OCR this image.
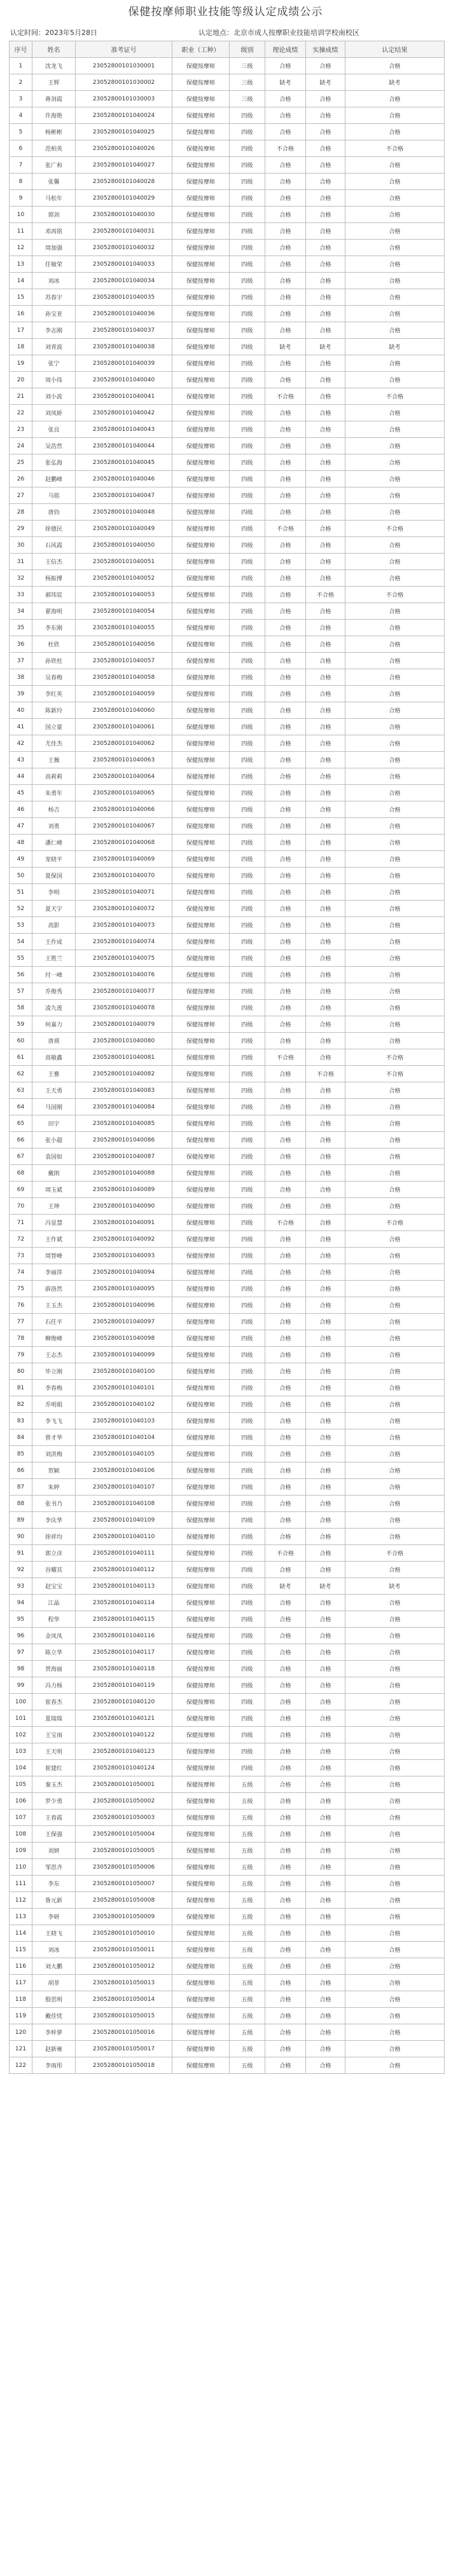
保健按摩师职业技能等级认定成绩公示
认定时间：2023年5月28日	认定地点：北京市成人按摩职业技能培训学校南校区
序号	姓名	准考证号	职业（工种）	级别	理论成绩	实操成绩	认定结果
1	沈龙飞	23052800101030001	保健按摩师	三级	合格	合格	合格
2	王辉	23052800101030002	保健按摩师	三级	缺考	缺考	缺考
3	蒋剑霞	23052800101030003	保健按摩师	三级	合格	合格	合格
4	许海艳	23052800101040024	保健按摩师	四级	合格	合格	合格
5	杨彬彬	23052800101040025	保健按摩师	四级	合格	合格	合格
6	范柏英	23052800101040026	保健按摩师	四级	不合格	合格	不合格
7	张广和	23052800101040027	保健按摩师	四级	合格	合格	合格
8	张馨	23052800101040028	保健按摩师	四级	合格	合格	合格
9	马松年	23052800101040029	保健按摩师	四级	合格	合格	合格
10	郭剑	23052800101040030	保健按摩师	四级	合格	合格	合格
11	邓再铭	23052800101040031	保健按摩师	四级	合格	合格	合格
12	周加强	23052800101040032	保健按摩师	四级	合格	合格	合格
13	任敏荣	23052800101040033	保健按摩师	四级	合格	合格	合格
14	刘冰	23052800101040034	保健按摩师	四级	合格	合格	合格
15	苏春宇	23052800101040035	保健按摩师	四级	合格	合格	合格
16	孙宝亚	23052800101040036	保健按摩师	四级	合格	合格	合格
17	李志刚	23052800101040037	保健按摩师	四级	合格	合格	合格
18	刘青波	23052800101040038	保健按摩师	四级	缺考	缺考	缺考
19	张宁	23052800101040039	保健按摩师	四级	合格	合格	合格
20	周小伟	23052800101040040	保健按摩师	四级	合格	合格	合格
21	刘小波	23052800101040041	保健按摩师	四级	不合格	合格	不合格
22	刘凤娇	23052800101040042	保健按摩师	四级	合格	合格	合格
23	张良	23052800101040043	保健按摩师	四级	合格	合格	合格
24	吴浩然	23052800101040044	保健按摩师	四级	合格	合格	合格
25	张弘海	23052800101040045	保健按摩师	四级	合格	合格	合格
26	赵鹏峰	23052800101040046	保健按摩师	四级	合格	合格	合格
27	马铭	23052800101040047	保健按摩师	四级	合格	合格	合格
28	唐钧	23052800101040048	保健按摩师	四级	合格	合格	合格
29	徐德民	23052800101040049	保健按摩师	四级	不合格	合格	不合格
30	石风霞	23052800101040050	保健按摩师	四级	合格	合格	合格
31	王信杰	23052800101040051	保健按摩师	四级	合格	合格	合格
32	杨振博	23052800101040052	保健按摩师	四级	合格	合格	合格
33	郝玮宸	23052800101040053	保健按摩师	四级	合格	不合格	不合格
34	翟海明	23052800101040054	保健按摩师	四级	合格	合格	合格
35	李东刚	23052800101040055	保健按摩师	四级	合格	合格	合格
36	杜欣	23052800101040056	保健按摩师	四级	合格	合格	合格
37	孙铁柱	23052800101040057	保健按摩师	四级	合格	合格	合格
38	吴春梅	23052800101040058	保健按摩师	四级	合格	合格	合格
39	李红英	23052800101040059	保健按摩师	四级	合格	合格	合格
40	陈新玲	23052800101040060	保健按摩师	四级	合格	合格	合格
41	国立蒙	23052800101040061	保健按摩师	四级	合格	合格	合格
42	尤佳杰	23052800101040062	保健按摩师	四级	合格	合格	合格
43	王薇	23052800101040063	保健按摩师	四级	合格	合格	合格
44	高莉莉	23052800101040064	保健按摩师	四级	合格	合格	合格
45	朱勇年	23052800101040065	保健按摩师	四级	合格	合格	合格
46	杨吉	23052800101040066	保健按摩师	四级	合格	合格	合格
47	刘勇	23052800101040067	保健按摩师	四级	合格	合格	合格
48	潘仁峰	23052800101040068	保健按摩师	四级	合格	合格	合格
49	宠晓平	23052800101040069	保健按摩师	四级	合格	合格	合格
50	夏保国	23052800101040070	保健按摩师	四级	合格	合格	合格
51	李明	23052800101040071	保健按摩师	四级	合格	合格	合格
52	夏天宇	23052800101040072	保健按摩师	四级	合格	合格	合格
53	高影	23052800101040073	保健按摩师	四级	合格	合格	合格
54	王作成	23052800101040074	保健按摩师	四级	合格	合格	合格
55	王胜兰	23052800101040075	保健按摩师	四级	合格	合格	合格
56	付一峰	23052800101040076	保健按摩师	四级	合格	合格	合格
57	乔俊秀	23052800101040077	保健按摩师	四级	合格	合格	合格
58	凌九莲	23052800101040078	保健按摩师	四级	合格	合格	合格
59	何嘉力	23052800101040079	保健按摩师	四级	合格	合格	合格
60	唐祺	23052800101040080	保健按摩师	四级	合格	合格	合格
61	高敏鑫	23052800101040081	保健按摩师	四级	不合格	合格	不合格
62	王雅	23052800101040082	保健按摩师	四级	合格	不合格	不合格
63	王天勇	23052800101040083	保健按摩师	四级	合格	合格	合格
64	马国刚	23052800101040084	保健按摩师	四级	合格	合格	合格
65	田宇	23052800101040085	保健按摩师	四级	合格	合格	合格
66	张小超	23052800101040086	保健按摩师	四级	合格	合格	合格
67	袁国如	23052800101040087	保健按摩师	四级	合格	合格	合格
68	戴朗	23052800101040088	保健按摩师	四级	合格	合格	合格
69	周玉斌	23052800101040089	保健按摩师	四级	合格	合格	合格
70	王坤	23052800101040090	保健按摩师	四级	合格	合格	合格
71	冯显慧	23052800101040091	保健按摩师	四级	不合格	合格	不合格
72	王作斌	23052800101040092	保健按摩师	四级	合格	合格	合格
73	周智峰	23052800101040093	保健按摩师	四级	合格	合格	合格
74	李丽萍	23052800101040094	保健按摩师	四级	合格	合格	合格
75	薛洛然	23052800101040095	保健按摩师	四级	合格	合格	合格
76	王玉杰	23052800101040096	保健按摩师	四级	合格	合格	合格
77	石任平	23052800101040097	保健按摩师	四级	合格	合格	合格
78	柳俊峰	23052800101040098	保健按摩师	四级	合格	合格	合格
79	王志杰	23052800101040099	保健按摩师	四级	合格	合格	合格
80	毕立刚	23052800101040100	保健按摩师	四级	合格	合格	合格
81	李春梅	23052800101040101	保健按摩师	四级	合格	合格	合格
82	乔明娟	23052800101040102	保健按摩师	四级	合格	合格	合格
83	李飞飞	23052800101040103	保健按摩师	四级	合格	合格	合格
84	曾才华	23052800101040104	保健按摩师	四级	合格	合格	合格
85	刘洪梅	23052800101040105	保健按摩师	四级	合格	合格	合格
86	贺颖	23052800101040106	保健按摩师	四级	合格	合格	合格
87	朱婷	23052800101040107	保健按摩师	四级	合格	合格	合格
88	张书乃	23052800101040108	保健按摩师	四级	合格	合格	合格
89	李庆华	23052800101040109	保健按摩师	四级	合格	合格	合格
90	徐祥均	23052800101040110	保健按摩师	四级	合格	合格	合格
91	郭立彦	23052800101040111	保健按摩师	四级	不合格	合格	不合格
92	谷耀其	23052800101040112	保健按摩师	四级	合格	合格	合格
93	赵宝宝	23052800101040113	保健按摩师	四级	缺考	缺考	缺考
94	江晶	23052800101040114	保健按摩师	四级	合格	合格	合格
95	程华	23052800101040115	保健按摩师	四级	合格	合格	合格
96	金凤凤	23052800101040116	保健按摩师	四级	合格	合格	合格
97	陈立华	23052800101040117	保健按摩师	四级	合格	合格	合格
98	贾海丽	23052800101040118	保健按摩师	四级	合格	合格	合格
99	冯力杨	23052800101040119	保健按摩师	四级	合格	合格	合格
100	崔春杰	23052800101040120	保健按摩师	四级	合格	合格	合格
101	夏瑞瑞	23052800101040121	保健按摩师	四级	合格	合格	合格
102	王宝雨	23052800101040122	保健按摩师	四级	合格	合格	合格
103	王天明	23052800101040123	保健按摩师	四级	合格	合格	合格
104	崔建红	23052800101040124	保健按摩师	四级	合格	合格	合格
105	秦玉杰	23052800101050001	保健按摩师	五级	合格	合格	合格
106	罗少勇	23052800101050002	保健按摩师	五级	合格	合格	合格
107	王春霞	23052800101050003	保健按摩师	五级	合格	合格	合格
108	王保强	23052800101050004	保健按摩师	五级	合格	合格	合格
109	刘妍	23052800101050005	保健按摩师	五级	合格	合格	合格
110	邹思齐	23052800101050006	保健按摩师	五级	合格	合格	合格
111	李东	23052800101050007	保健按摩师	五级	合格	合格	合格
112	鲁元新	23052800101050008	保健按摩师	五级	合格	合格	合格
113	李研	23052800101050009	保健按摩师	五级	合格	合格	合格
114	王晓飞	23052800101050010	保健按摩师	五级	合格	合格	合格
115	刘冰	23052800101050011	保健按摩师	五级	合格	合格	合格
116	刘大鹏	23052800101050012	保健按摩师	五级	合格	合格	合格
117	胡菲	23052800101050013	保健按摩师	五级	合格	合格	合格
118	殷思明	23052800101050014	保健按摩师	五级	合格	合格	合格
119	戴佳忧	23052800101050015	保健按摩师	五级	合格	合格	合格
120	李梓萝	23052800101050016	保健按摩师	五级	合格	合格	合格
121	赵新雍	23052800101050017	保健按摩师	五级	合格	合格	合格
122	李雨彤	23052800101050018	保健按摩师	五级	合格	合格	合格
